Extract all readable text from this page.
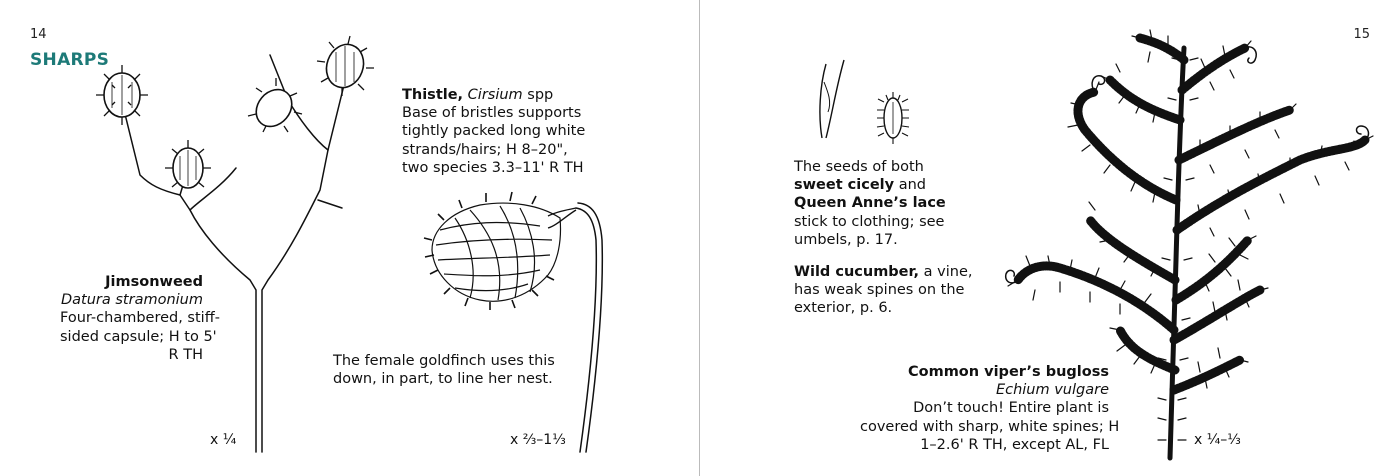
14
SHARPS
Jimsonweed
Datura stramonium
Four-chambered, stiff-
sided capsule; H to 5'
R TH
Thistle, Cirsium spp
Base of bristles supports
tightly packed long white
strands/hairs; H 8–20",
two species 3.3–11' R TH
The female goldfinch uses this
down, in part, to line her nest.
x ¼	x ⅔–1⅓
15
The seeds of both
sweet cicely and
Queen Anne’s lace
stick to clothing; see
umbels, p. 17.
Wild cucumber, a vine,
has weak spines on the
exterior, p. 6.
Common viper’s bugloss
Echium vulgare
Don’t touch! Entire plant is
covered with sharp, white spines; H
1–2.6' R TH, except AL, FL	x ¼–⅓
